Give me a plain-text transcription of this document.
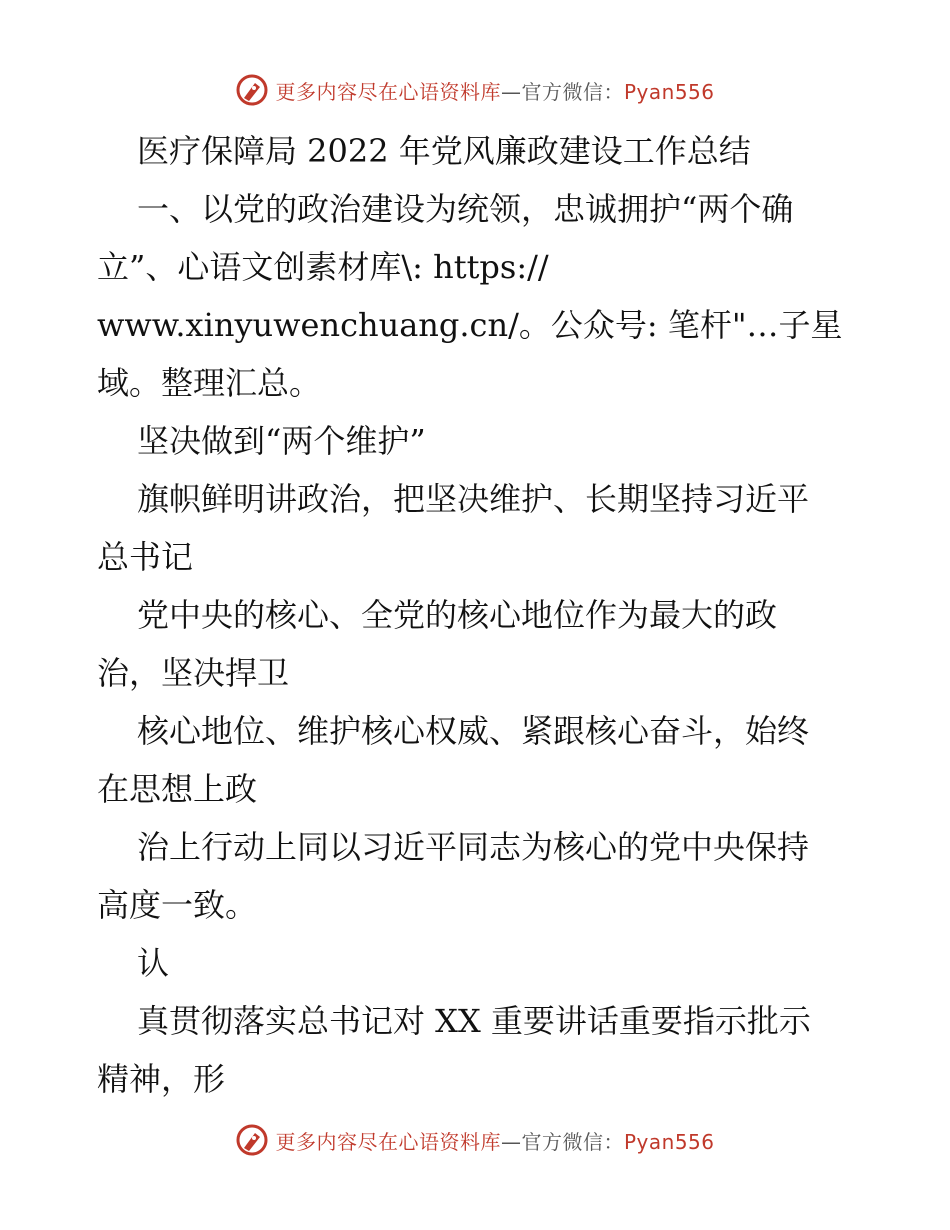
更多内容尽在心语资料库—官方微信：Pyan556
医疗保障局 2022 年党风廉政建设工作总结
一、以党的政治建设为统领，忠诚拥护“两个确
立”、心语文创素材库\: https://
www.xinyuwenchuang.cn/。公众号: 笔杆"…子星
域。整理汇总。
坚决做到“两个维护”
旗帜鲜明讲政治，把坚决维护、长期坚持习近平
总书记
党中央的核心、全党的核心地位作为最大的政
治，坚决捍卫
核心地位、维护核心权威、紧跟核心奋斗，始终
在思想上政
治上行动上同以习近平同志为核心的党中央保持
高度一致。
认
真贯彻落实总书记对 XX 重要讲话重要指示批示
精神，形
更多内容尽在心语资料库—官方微信：Pyan556
